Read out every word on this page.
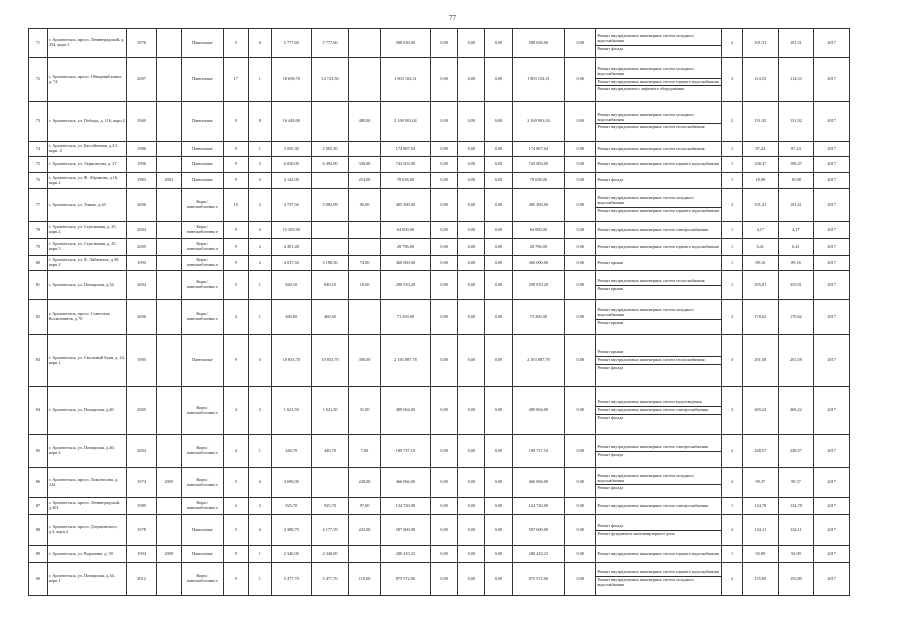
77
71	г. Архангельск, просп. Ленинградский, д. 354, корп.1	1976		Панельные	5	6	5 777,60	5 777,60		588 630,00	0,00	0,00	0,00	588 630,00	0,00	Ремонт внутридомовых инженерных систем холодного водоснабжения
Ремонт фасада	2	101,31	101,31	2017
72	г. Архангельск, просп. Обводный канал, д. 74	2007		Панельные	17	1	18 658,70	14 723,50		1 803 104,31	0,00	0,00	0,00	1 803 104,31	0,00	Ремонт внутридомовых инженерных систем холодного водоснабжения
Ремонт внутридомовых инженерных систем горячего водоснабжения
Ремонт внутридомового лифтового оборудования	3	114,53	114,53	2017
73	г. Архангельск, ул. Победы, д. 116, корп.2	1969		Панельные	9	8	16 448,00		480,00	2 169 901,04	0,00	0,00	0,00	2 169 901,04	0,00	Ремонт внутридомовых инженерных систем холодного водоснабжения
Ремонт внутридомовых инженерных систем теплоснабжения	2	131,92	131,92	2017
74	г. Архангельск, ул. Бассейновая, д.3/1, корп. 4	1986		Панельные	9	1	2 005,30	2 005,30		174 867,04	0,00	0,00	0,00	174 867,04	0,00	Ремонт внутридомовых инженерных систем теплоснабжения	1	87,24	87,24	2017
75	г. Архангельск, ул. Лермонтова, д. 37	1996		Панельные	9	5	6 830,00	6 493,00	336,00	743 003,00	0,00	0,00	0,00	743 003,00	0,00	Ремонт внутридомовых инженерных систем горячего водоснабжения	1	108,47	108,47	2017
76	г. Архангельск, ул. Ф. Абрамова, д.16, корп.2	1983	2003	Панельные	9	2	4 142,00		254,00	78 638,00	0,00	0,00	0,00	78 638,00	0,00	Ремонт фасада	1	18,98	18,98	2017
77	г. Архангельск, ул. Тимме, д.43	2006		Кирп./ панельнблочны е	10	2	4 737,56	5 082,98	90,00	485 300,00	0,00	0,00	0,00	485 300,00	0,00	Ремонт внутридомовых инженерных систем холодного водоснабжения
Ремонт внутридомовых инженерных систем горячего водоснабжения	2	101,41	101,41	2017
78	г. Архангельск, ул. Стрелковая, д. 25, корп.2	2004		Кирп./ панельнблочны е	9	6	15 365,90			64 000,00	0,00	0,00	0,00	64 000,00	0,00	Ремонт внутридомовых инженерных систем электроснабжения	1	4,17	4,17	2017
79	г. Архангельск, ул. Стрелковая, д. 25, корп.3	2005		Кирп./ панельнблочны е	9	2	4 491,48			28 796,00	0,00	0,00	0,00	28 796,00	0,00	Ремонт внутридомовых инженерных систем горячего водоснабжения	1	6,41	6,41	2017
80	г. Архангельск, ул. Я. Либкнехта, д.39, корп.2	1993		Кирп./ панельнблочны е	9	2	4 037,50	3 188,50	74,00	360 000,00	0,00	0,00	0,00	360 000,00	0,00	Ремонт крыши	1	89,16	89,16	2017
81	г. Архангельск, ул. Поморская, д.34	2004		Кирп./ панельнблочны е	5	1	840,10	840,10	10,00	298 910,20	0,00	0,00	0,00	298 910,20	0,00	Ремонт внутридомовых инженерных систем теплоснабжения
Ремонт крыши	1	355,81	355,81	2017
82	г. Архангельск, просп. Советских Космонавтов, д.70	2006		Кирп./ панельнблочны е	4	1	460,60	460,60		73 200,00	0,00	0,00	0,00	73 200,00	0,00	Ремонт внутридомовых инженерных систем холодного водоснабжения
Ремонт крыши	2	170,62	170,62	2017
83	г. Архангельск, ул. Смольный Буян, д. 24, корп.1	1985		Панельные	9	3	10 853,70	10 853,70	390,00	2 183 887,78	0,00	0,00	0,00	2 183 887,78	0,00	Ремонт крыши
Ремонт внутридомовых инженерных систем теплоснабжения
Ремонт фасада	3	201,58	201,58	2017
84	г. Архангельск, ул. Поморская, д.40	2005		Кирп./ панельнблочны е	4	3	1 621,50	1 621,50	31,00	489 064,00	0,00	0,00	0,00	489 064,00	0,00	Ремонт внутридомовых инженерных систем водоотведения
Ремонт внутридомовых инженерных систем электроснабжения
Ремонт фасада	3	269,22	269,22	2017
85	г. Архангельск, ул. Поморская, д.40, корп.2	2004		Кирп./ панельнблочны е	4	1	440,70	440,70	7,00	189 737,10	0,00	0,00	0,00	189 737,10	0,00	Ремонт внутридомовых инженерных систем электроснабжения
Ремонт фасада	2	248,57	248,57	2017
86	г. Архангельск, просп. Ломоносова, д. 124	1974	2005	Кирп./ панельнблочны е	5	6	4 690,00		228,00	466 066,00	0,00	0,00	0,00	466 066,00	0,00	Ремонт внутридомовых инженерных систем холодного водоснабжения
Ремонт фасада	2	99,37	99,37	2017
87	г. Архангельск, просп. Ленинградский, д.301	1989		Кирп./ панельнблочны е	2	3	925,70	925,70	97,00	124 720,00	0,00	0,00	0,00	124 720,00	0,00	Ремонт внутридомовых инженерных систем электроснабжения	1	134,78	134,78	2017
88	г. Архангельск, просп. Дзержинского, д.3, корп.2	1978		Панельные	5	6	4 388,79	4 177,59	223,00	587 600,00	0,00	0,00	0,00	587 600,00	0,00	Ремонт фасада
Ремонт фундамента многоквартирного дома	2	134,11	134,11	2017
89	г. Архангельск, ул. Воронина, д. 39	1994	2009	Панельные	9	1	2 340,00	2 340,00		200 410,23	0,00	0,00	0,00	200 410,23	0,00	Ремонт внутридомовых инженерных систем горячего водоснабжения	1	92,99	92,99	2017
90	г. Архангельск, ул. Поморская, д.34, корп.1	2012		Кирп./ панельнблочны е	9	1	5 477,70	5 477,70	110,00	875 572,00	0,00	0,00	0,00	875 572,00	0,00	Ремонт внутридомовых инженерных систем горячего водоснабжения
Ремонт внутридомовых инженерных систем холодного водоснабжения	2	155,80	155,80	2017
